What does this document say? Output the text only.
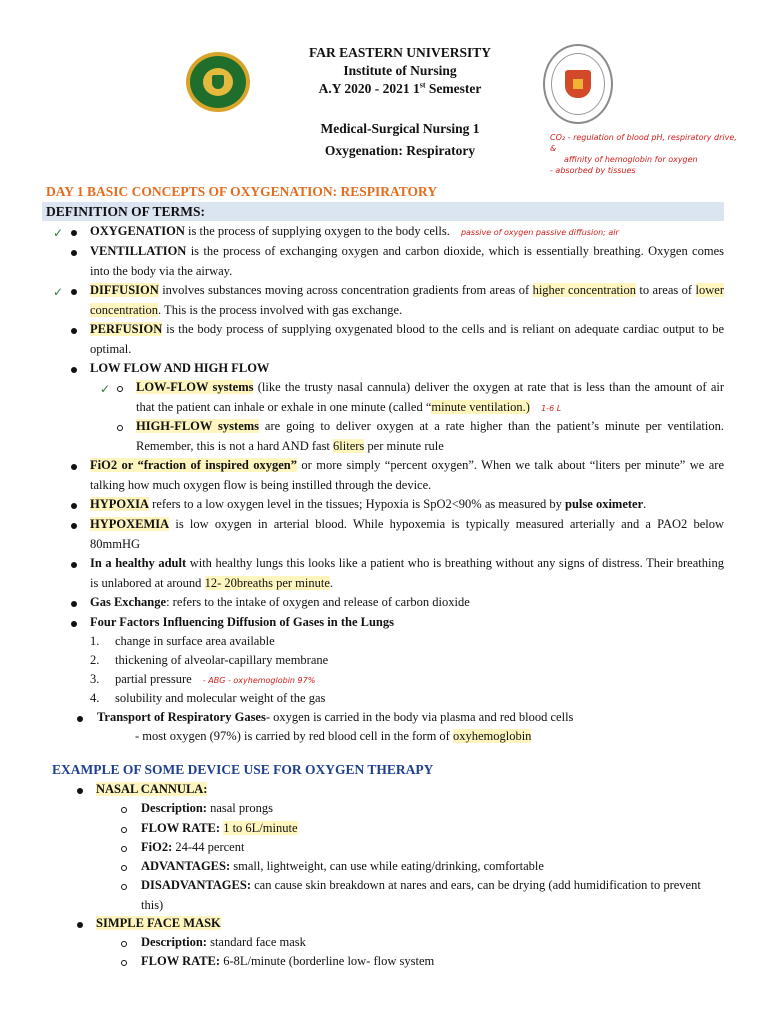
FAR EASTERN UNIVERSITY
Institute of Nursing
A.Y 2020 - 2021 1st Semester
Medical-Surgical Nursing 1
Oxygenation: Respiratory
CO₂ - regulation of blood pH, respiratory drive, &
affinity of hemoglobin for oxygen
- absorbed by tissues
DAY 1 BASIC CONCEPTS OF OXYGENATION: RESPIRATORY
DEFINITION OF TERMS:
✓ OXYGENATION is the process of supplying oxygen to the body cells. passive of oxygen passive diffusion; air
VENTILLATION is the process of exchanging oxygen and carbon dioxide, which is essentially breathing. Oxygen comes into the body via the airway.
✓ DIFFUSION involves substances moving across concentration gradients from areas of higher concentration to areas of lower concentration. This is the process involved with gas exchange.
PERFUSION is the body process of supplying oxygenated blood to the cells and is reliant on adequate cardiac output to be optimal.
LOW FLOW AND HIGH FLOW
✓ LOW-FLOW systems (like the trusty nasal cannula) deliver the oxygen at rate that is less than the amount of air that the patient can inhale or exhale in one minute (called “minute ventilation.) 1-6 L
HIGH-FLOW systems are going to deliver oxygen at a rate higher than the patient’s minute per ventilation. Remember, this is not a hard AND fast 6liters per minute rule
FiO2 or “fraction of inspired oxygen” or more simply “percent oxygen”. When we talk about “liters per minute” we are talking how much oxygen flow is being instilled through the device.
HYPOXIA refers to a low oxygen level in the tissues; Hypoxia is SpO2<90% as measured by pulse oximeter.
HYPOXEMIA is low oxygen in arterial blood. While hypoxemia is typically measured arterially and a PAO2 below 80mmHG
In a healthy adult with healthy lungs this looks like a patient who is breathing without any signs of distress. Their breathing is unlabored at around 12- 20breaths per minute.
Gas Exchange: refers to the intake of oxygen and release of carbon dioxide
Four Factors Influencing Diffusion of Gases in the Lungs
1. change in surface area available
2. thickening of alveolar-capillary membrane
3. partial pressure - ABG - oxyhemoglobin 97%
4. solubility and molecular weight of the gas
Transport of Respiratory Gases- oxygen is carried in the body via plasma and red blood cells
- most oxygen (97%) is carried by red blood cell in the form of oxyhemoglobin
EXAMPLE OF SOME DEVICE USE FOR OXYGEN THERAPY
NASAL CANNULA:
Description: nasal prongs
FLOW RATE: 1 to 6L/minute
FiO2: 24-44 percent
ADVANTAGES: small, lightweight, can use while eating/drinking, comfortable
DISADVANTAGES: can cause skin breakdown at nares and ears, can be drying (add humidification to prevent this)
SIMPLE FACE MASK
Description: standard face mask
FLOW RATE: 6-8L/minute (borderline low- flow system
